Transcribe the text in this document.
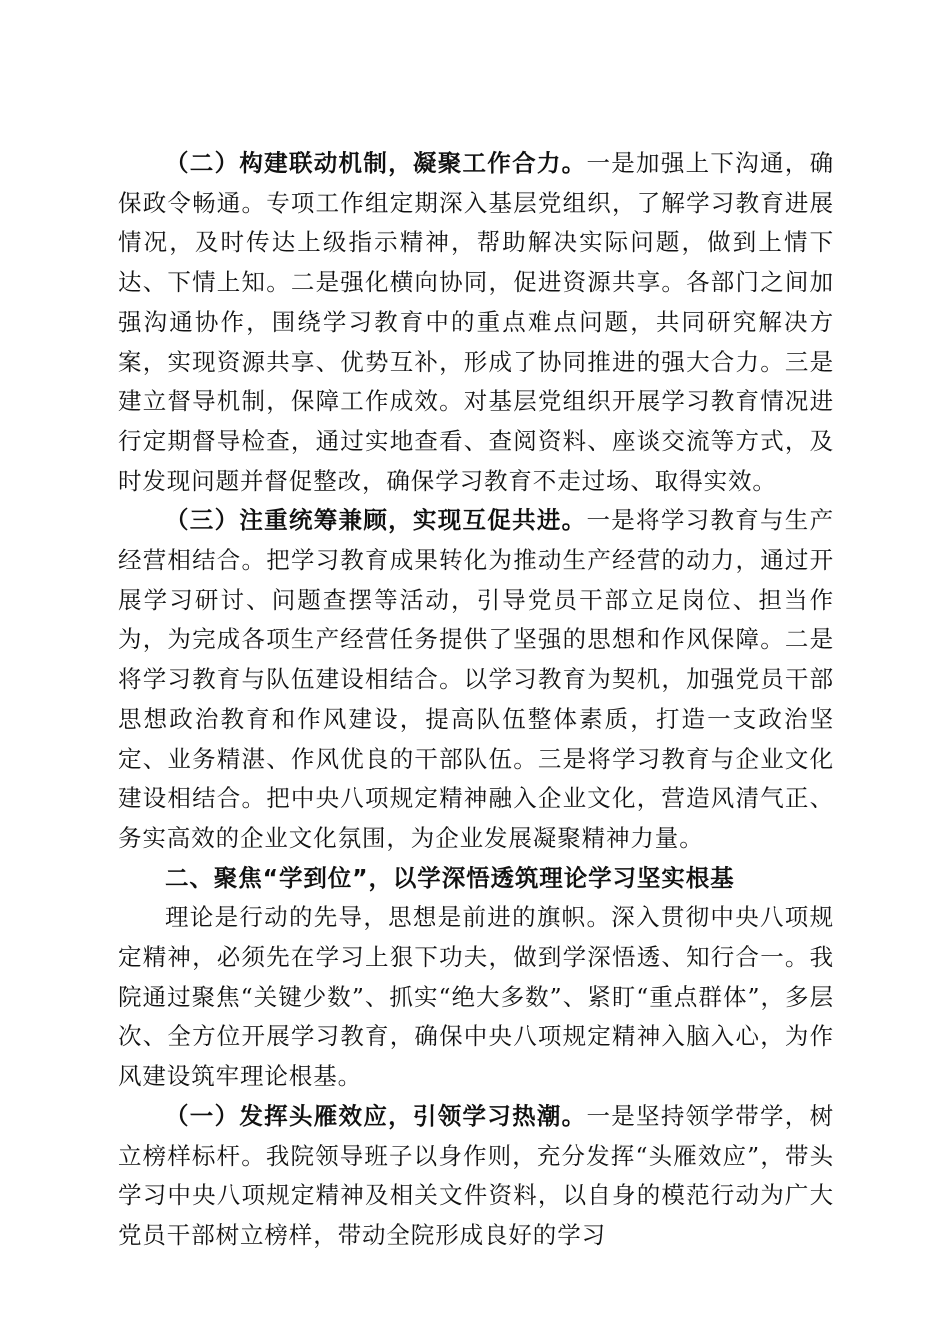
（二）构建联动机制，凝聚工作合力。一是加强上下沟通，确保政令畅通。专项工作组定期深入基层党组织，了解学习教育进展情况，及时传达上级指示精神，帮助解决实际问题，做到上情下达、下情上知。二是强化横向协同，促进资源共享。各部门之间加强沟通协作，围绕学习教育中的重点难点问题，共同研究解决方案，实现资源共享、优势互补，形成了协同推进的强大合力。三是建立督导机制，保障工作成效。对基层党组织开展学习教育情况进行定期督导检查，通过实地查看、查阅资料、座谈交流等方式，及时发现问题并督促整改，确保学习教育不走过场、取得实效。

（三）注重统筹兼顾，实现互促共进。一是将学习教育与生产经营相结合。把学习教育成果转化为推动生产经营的动力，通过开展学习研讨、问题查摆等活动，引导党员干部立足岗位、担当作为，为完成各项生产经营任务提供了坚强的思想和作风保障。二是将学习教育与队伍建设相结合。以学习教育为契机，加强党员干部思想政治教育和作风建设，提高队伍整体素质，打造一支政治坚定、业务精湛、作风优良的干部队伍。三是将学习教育与企业文化建设相结合。把中央八项规定精神融入企业文化，营造风清气正、务实高效的企业文化氛围，为企业发展凝聚精神力量。

二、聚焦“学到位”，以学深悟透筑理论学习坚实根基

理论是行动的先导，思想是前进的旗帜。深入贯彻中央八项规定精神，必须先在学习上狠下功夫，做到学深悟透、知行合一。我院通过聚焦“关键少数”、抓实“绝大多数”、紧盯“重点群体”，多层次、全方位开展学习教育，确保中央八项规定精神入脑入心，为作风建设筑牢理论根基。

（一）发挥头雁效应，引领学习热潮。一是坚持领学带学，树立榜样标杆。我院领导班子以身作则，充分发挥“头雁效应”，带头学习中央八项规定精神及相关文件资料，以自身的模范行动为广大党员干部树立榜样，带动全院形成良好的学习
